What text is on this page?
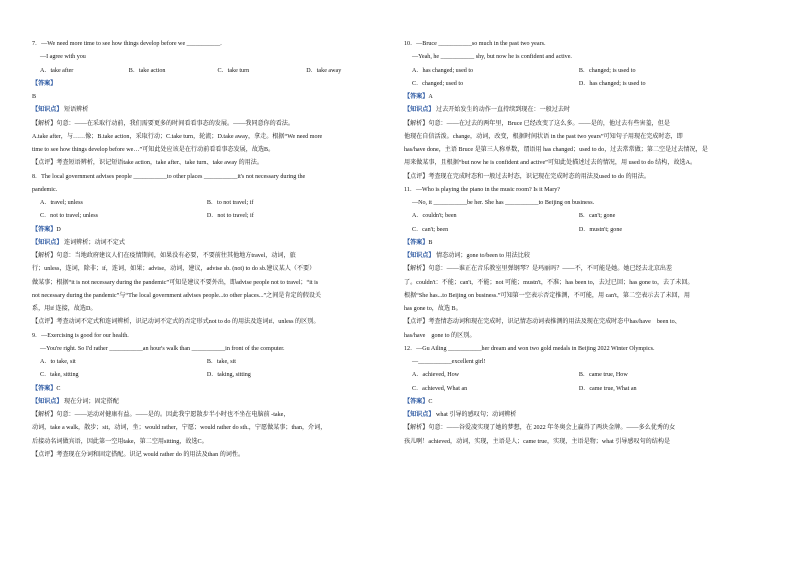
7．—We need more time to see how things develop before we ___________.
—I agree with you
A．take after	B．take action	C．take turn	D．take away
【答案】
B
【知识点】 短语辨析
【解析】句意：——在采取行动前，我们需要更多的时间看看事态的发展。——我同意你的看法。
A.take after，与……像；B.take action，采取行动；C.take turn，轮流；D.take away，拿走。根据“We need more
time to see how things develop before we…”可知此处应该是在行动前看看事态发展，故选B。
【点评】考查短语辨析，识记短语take action，take after、take turn、take away 的用法。
8．The local government advises people ___________to other places ___________it's not necessary during the
pandemic.
A．travel; unless	B．to not travel; if
C．not to travel; unless	D．not to travel; if
【答案】D
【知识点】 连词辨析；动词不定式
【解析】句意：当地政府建议人们在疫情期间，如果没有必要，不要前往其他地方travel，动词，旅
行；unless，连词，除非；if，连词，如果；advise，动词，建议，advise sb. (not) to do sb.建议某人（不要）
做某事；根据“it is not necessary during the pandemic”可知是建议不要外出，即advise people not to travel；“it is
not necessary during the pandemic”与“The local government advises people...to other places...”之间是肯定的假设关
系，用if 连接，故选D。
【点评】考查动词不定式和连词辨析，识记动词不定式的否定形式not to do 的用法及连词if、unless 的区别。
9．—Exercising is good for our health.
—You're right. So I'd rather ___________an hour's walk than ___________in front of the computer.
A．to take, sit	B．take, sit
C．take, sitting	D．taking, sitting
【答案】C
【知识点】 现在分词；固定搭配
【解析】句意：——运动对健康有益。——是的。因此我宁愿散步半小时也不坐在电脑前 -take，
动词，take a walk，散步；sit，动词，坐；would rather，宁愿；would rather do sth.，宁愿做某事；than，介词，
后接动名词做宾语，因此第一空用take，第二空用sitting，故选C。
【点评】考查现在分词和固定搭配。识记 would rather do 的用法及than 的词性。
10．—Bruce ___________so much in the past two years.
—Yeah, he ___________ shy, but now he is confident and active.
A．has changed; used to	B．changed; is used to
C．changed; used to	D．has changed; is used to
【答案】A
【知识点】 过去开始发生的动作一直持续到现在：一般过去时
【解析】句意：——在过去的两年里，Bruce 已经改变了这么多。——是的，他过去有些害羞，但是
他现在自信活泼。change，动词，改变，根据时间状语 in the past two years”可知句子用现在完成时态，即
has/have done，主语 Bruce 是第三人称单数，谓语用 has changed；used to do，过去常常做；第二空是过去情况，是
用来做某事，且根据“but now he is confident and active”可知此处描述过去的情况，用 used to do 结构，故选A。
【点评】考查现在完成时态和一般过去时态，识记现在完成时态的用法及used to do 的用法。
11．—Who is playing the piano in the music room? Is it Mary?
—No, it ___________be her. She has ___________to Beijing on business.
A．couldn't; been	B．can't; gone
C．can't; been	D．mustn't; gone
【答案】B
【知识点】 情态动词；gone to/been to 用法比较
【解析】句意：——谁正在音乐教室里弹钢琴？是玛丽吗？——不，不可能是她。她已经去北京出差
了。couldn't：不能；can't，不能；not 可能；mustn't，不准；has been to，去过已回；has gone to，去了未回。
根据“She has...to Beijing on business.”可知第一空表示否定推测，不可能，用 can't，第二空表示去了未回，用
has gone to，故选 B。
【点评】考查情态动词和现在完成时，识记情态动词表推测的用法及现在完成时态中has/have　been to、
has/have　gone to 的区别。
12．—Gu Ailing ___________her dream and won two gold medals in Beijing 2022 Winter Olympics.
—___________excellent girl!
A．achieved, How	B．came true, How
C．achieved, What an	D．came true, What an
【答案】C
【知识点】 what 引导的感叹句；动词辨析
【解析】句意：——谷爱凌实现了她的梦想，在 2022 年冬奥会上赢得了两块金牌。——多么优秀的女
孩儿啊！achieved，动词，实现，主语是人；came true，实现，主语是物；what 引导感叹句的结构是
